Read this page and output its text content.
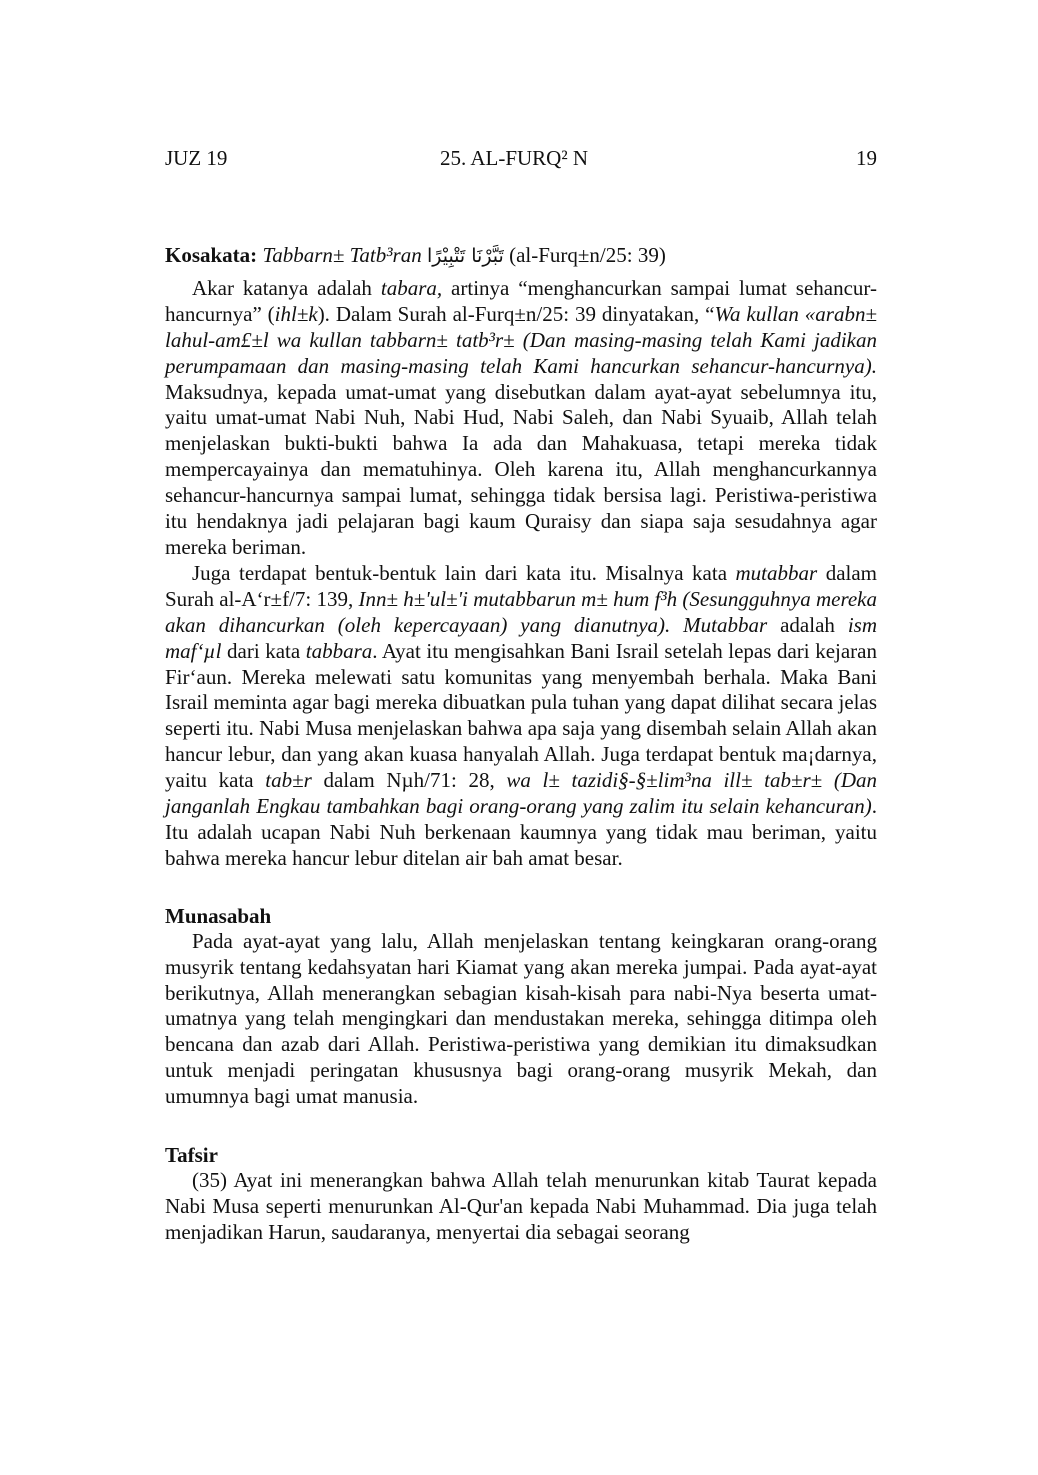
JUZ 19	25. AL-FURQ² N	19
Kosakata: Tabbarn± Tatb³ran تَبَّرْنَا تَتْبِيْرًا (al-Furq±n/25: 39)

Akar katanya adalah tabara, artinya “menghancurkan sampai lumat sehancur-hancurnya” (ihl±k). Dalam Surah al-Furq±n/25: 39 dinyatakan, “Wa kullan «arabn± lahul-am£±l wa kullan tabbarn± tatb³r± (Dan masing-masing telah Kami jadikan perumpamaan dan masing-masing telah Kami hancurkan sehancur-hancurnya). Maksudnya, kepada umat-umat yang disebutkan dalam ayat-ayat sebelumnya itu, yaitu umat-umat Nabi Nuh, Nabi Hud, Nabi Saleh, dan Nabi Syuaib, Allah telah menjelaskan bukti-bukti bahwa Ia ada dan Mahakuasa, tetapi mereka tidak mempercayainya dan mematuhinya. Oleh karena itu, Allah menghancurkannya sehancur-hancurnya sampai lumat, sehingga tidak bersisa lagi. Peristiwa-peristiwa itu hendaknya jadi pelajaran bagi kaum Quraisy dan siapa saja sesudahnya agar mereka beriman.

Juga terdapat bentuk-bentuk lain dari kata itu. Misalnya kata mutabbar dalam Surah al-A‘r±f/7: 139, Inn± h±'ul±'i mutabbarun m± hum f³h (Sesungguhnya mereka akan dihancurkan (oleh kepercayaan) yang dianutnya). Mutabbar adalah ism maf‘µl dari kata tabbara. Ayat itu mengisahkan Bani Israil setelah lepas dari kejaran Fir‘aun. Mereka melewati satu komunitas yang menyembah berhala. Maka Bani Israil meminta agar bagi mereka dibuatkan pula tuhan yang dapat dilihat secara jelas seperti itu. Nabi Musa menjelaskan bahwa apa saja yang disembah selain Allah akan hancur lebur, dan yang akan kuasa hanyalah Allah. Juga terdapat bentuk ma¡darnya, yaitu kata tab±r dalam Nµh/71: 28, wa l± tazidi§-§±lim³na ill± tab±r± (Dan janganlah Engkau tambahkan bagi orang-orang yang zalim itu selain kehancuran). Itu adalah ucapan Nabi Nuh berkenaan kaumnya yang tidak mau beriman, yaitu bahwa mereka hancur lebur ditelan air bah amat besar.

Munasabah

Pada ayat-ayat yang lalu, Allah menjelaskan tentang keingkaran orang-orang musyrik tentang kedahsyatan hari Kiamat yang akan mereka jumpai. Pada ayat-ayat berikutnya, Allah menerangkan sebagian kisah-kisah para nabi-Nya beserta umat-umatnya yang telah mengingkari dan mendustakan mereka, sehingga ditimpa oleh bencana dan azab dari Allah. Peristiwa-peristiwa yang demikian itu dimaksudkan untuk menjadi peringatan khususnya bagi orang-orang musyrik Mekah, dan umumnya bagi umat manusia.

Tafsir

(35) Ayat ini menerangkan bahwa Allah telah menurunkan kitab Taurat kepada Nabi Musa seperti menurunkan Al-Qur'an kepada Nabi Muhammad. Dia juga telah menjadikan Harun, saudaranya, menyertai dia sebagai seorang
